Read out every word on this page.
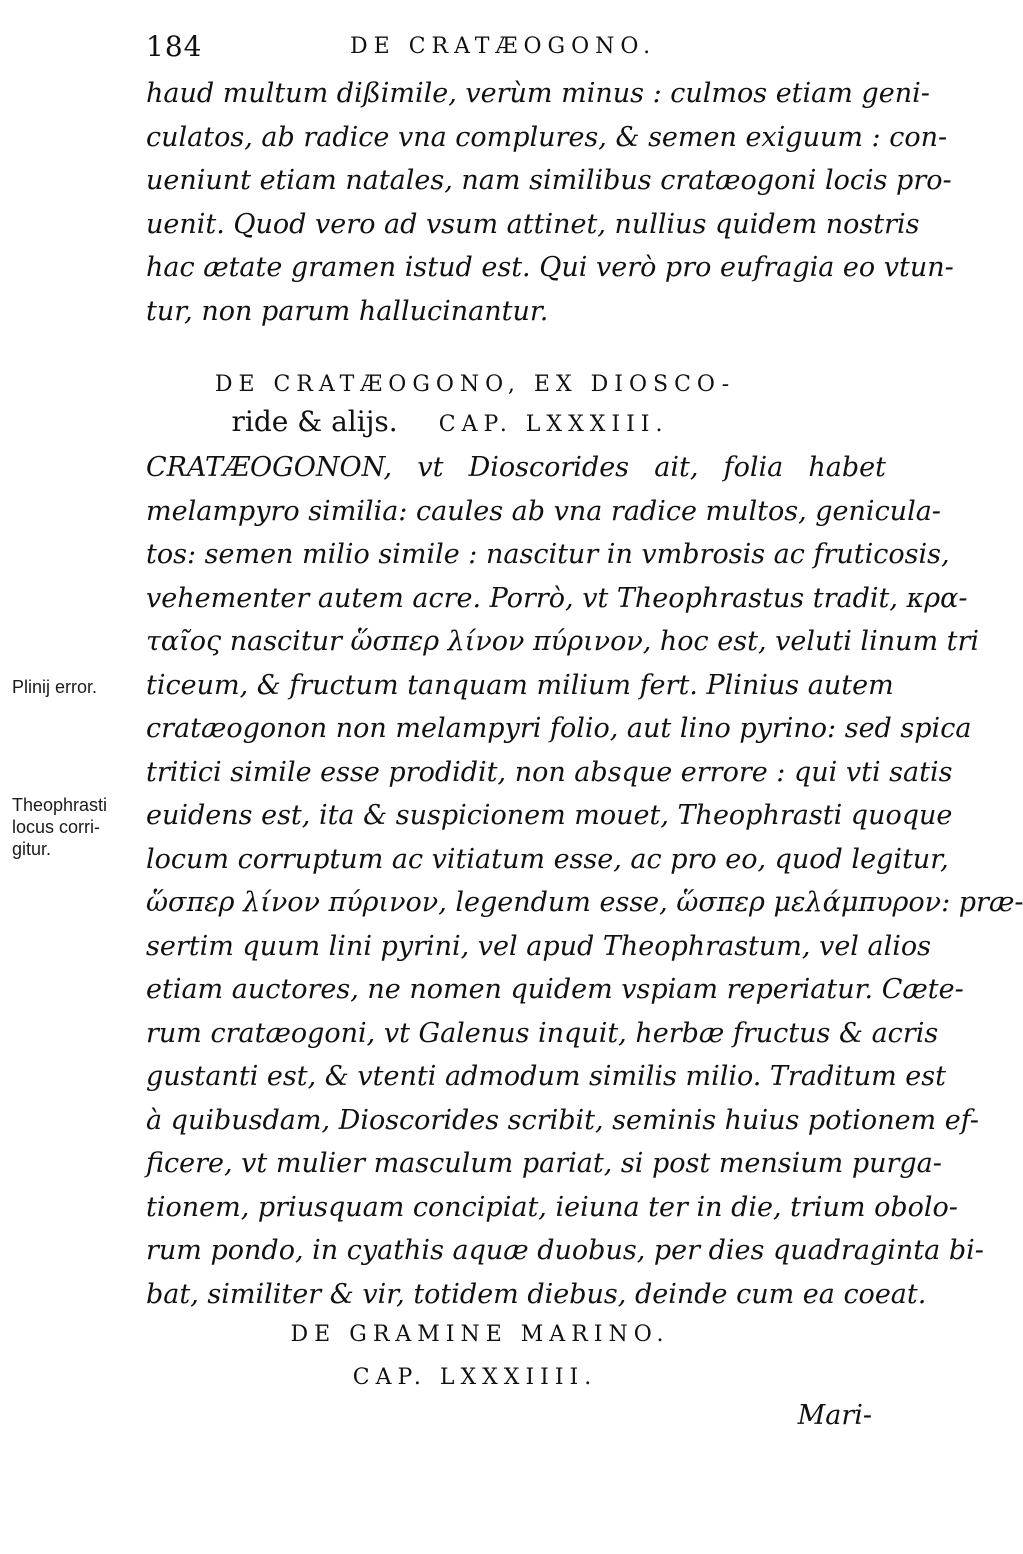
184	DE CRATÆOGONO.
haud multum dißimile, verùm minus : culmos etiam geni-
culatos, ab radice vna complures, & semen exiguum : con-
ueniunt etiam natales, nam similibus cratæogoni locis pro-
uenit. Quod vero ad vsum attinet, nullius quidem nostris
hac ætate gramen istud est. Qui verò pro eufragia eo vtun-
tur, non parum hallucinantur.
DE CRATÆOGONO, EX DIOSCO-
ride & alijs. CAP. LXXXIII.
CRATÆOGONON, vt Dioscorides ait, folia habet
melampyro similia: caules ab vna radice multos, genicula-
tos: semen milio simile : nascitur in vmbrosis ac fruticosis,
vehementer autem acre. Porrò, vt Theophrastus tradit, κρα-
ταῖος nascitur ὥσπερ λίνον πύρινον, hoc est, veluti linum tri
ticeum, & fructum tanquam milium fert. Plinius autem
cratæogonon non melampyri folio, aut lino pyrino: sed spica
tritici simile esse prodidit, non absque errore : qui vti satis
euidens est, ita & suspicionem mouet, Theophrasti quoque
locum corruptum ac vitiatum esse, ac pro eo, quod legitur,
ὥσπερ λίνον πύρινον, legendum esse, ὥσπερ μελάμπυρον: præ-
sertim quum lini pyrini, vel apud Theophrastum, vel alios
etiam auctores, ne nomen quidem vspiam reperiatur. Cæte-
rum cratæogoni, vt Galenus inquit, herbæ fructus & acris
gustanti est, & vtenti admodum similis milio. Traditum est
à quibusdam, Dioscorides scribit, seminis huius potionem ef-
ficere, vt mulier masculum pariat, si post mensium purga-
tionem, priusquam concipiat, ieiuna ter in die, trium obolo-
rum pondo, in cyathis aquæ duobus, per dies quadraginta bi-
bat, similiter & vir, totidem diebus, deinde cum ea coeat.
Plinij error.
Theophrasti
locus corri-
gitur.
DE GRAMINE MARINO.
CAP. LXXXIIII.
Mari-
